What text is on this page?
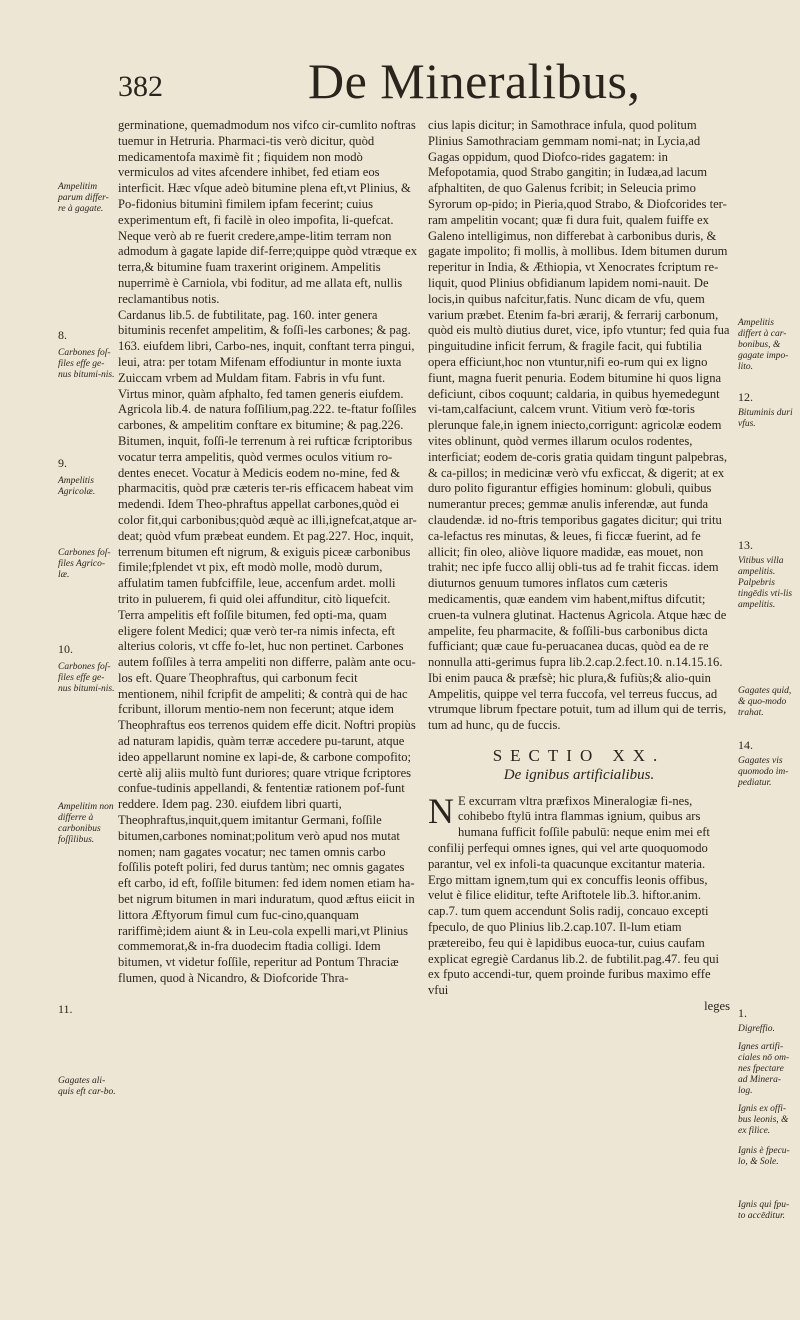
382	De Mineralibus,

germinatione, quemadmodum nos vifco cir-cumlito noftras tuemur in Hetruria. Pharmaci-tis verò dicitur, quòd medicamentofa maximè fit ; fiquidem non modò vermiculos ad vites afcendere inhibet, fed etiam eos interficit. Hæc vſque adeò bitumine plena eft,vt Plinius, & Po-fidonius bituminì fimilem ipfam fecerint; cuius experimentum eft, fi facilè in oleo impofita, li-quefcat. Neque verò ab re fuerit credere,ampe-litim terram non admodum à gagate lapide dif-ferre;quippe quòd vtræque ex terra,& bitumine fuam traxerint originem. Ampelitis nuperrimè è Carniola, vbi foditur, ad me allata eft, nullis reclamantibus notis.

Cardanus lib.5. de fubtilitate, pag. 160. inter genera bituminis recenfet ampelitim, & foſſi-les carbones; & pag. 163. eiufdem libri, Carbo-nes, inquit, conftant terra pingui, leui, atra: per totam Mifenam effodiuntur in monte iuxta Zuiccam vrbem ad Muldam fitam. Fabris in vfu funt. Virtus minor, quàm afphalto, fed tamen generis eiufdem.

Agricola lib.4. de natura foſſilium,pag.222. te-ftatur foſſiles carbones, & ampelitim conftare ex bitumine; & pag.226. Bitumen, inquit, foſſi-le terrenum à rei rufticæ fcriptoribus vocatur terra ampelitis, quòd vermes oculos vitium ro-dentes enecet. Vocatur à Medicis eodem no-mine, fed & pharmacitis, quòd præ cæteris ter-ris efficacem habeat vim medendi. Idem Theo-phraftus appellat carbones,quòd ei color fit,qui carbonibus;quòd æquè ac illi,ignefcat,atque ar-deat; quòd vfum præbeat eundem. Et pag.227. Hoc, inquit, terrenum bitumen eft nigrum, & exiguis piceæ carbonibus fimile;fplendet vt pix, eft modò molle, modò durum, affulatim tamen fubfciffile, leue, accenfum ardet. molli trito in puluerem, fi quid olei affunditur, citò liquefcit. Terra ampelitis eft foſſile bitumen, fed opti-ma, quam eligere folent Medici; quæ verò ter-ra nimis infecta, eft alterius coloris, vt cffe fo-let, huc non pertinet. Carbones autem foſſiles à terra ampeliti non differre, palàm ante ocu-los eft. Quare Theophraftus, qui carbonum fecit mentionem, nihil fcripfit de ampeliti; & contrà qui de hac fcribunt, illorum mentio-nem non fecerunt; atque idem Theophraftus eos terrenos quidem effe dicit. Noftri propiùs ad naturam lapidis, quàm terræ accedere pu-tarunt, atque ideo appellarunt nomine ex lapi-de, & carbone compofito; certè alij aliis multò funt duriores; quare vtrique fcriptores confue-tudinis appellandi, & fententiæ rationem pof-funt reddere. Idem pag. 230. eiufdem libri quarti, Theophraftus,inquit,quem imitantur Germani, foſſile bitumen,carbones nominat;politum verò apud nos mutat nomen; nam gagates vocatur; nec tamen omnis carbo foſſilis poteft poliri, fed durus tantùm; nec omnis gagates eft carbo, id eft, foſſile bitumen: fed idem nomen etiam ha-bet nigrum bitumen in mari induratum, quod æftus eiicit in littora Æftyorum fimul cum fuc-cino,quanquam rariffimè;idem aiunt & in Leu-cola expelli mari,vt Plinius commemorat,& in-fra duodecim ftadia colligi. Idem bitumen, vt videtur foſſile, reperitur ad Pontum Thraciæ flumen, quod à Nicandro, & Diofcoride Thra-

cius lapis dicitur; in Samothrace infula, quod politum Plinius Samothraciam gemmam nomi-nat; in Lycia,ad Gagas oppidum, quod Diofco-rides gagatem: in Mefopotamia, quod Strabo gangitin; in Iudæa,ad lacum afphaltiten, de quo Galenus fcribit; in Seleucia primo Syrorum op-pido; in Pieria,quod Strabo, & Diofcorides ter-ram ampelitin vocant; quæ fi dura fuit, qualem fuiffe ex Galeno intelligimus, non differebat à carbonibus duris, & gagate impolito; fi mollis, à mollibus. Idem bitumen durum reperitur in India, & Æthiopia, vt Xenocrates fcriptum re-liquit, quod Plinius obfidianum lapidem nomi-nauit. De locis,in quibus nafcitur,fatis. Nunc dicam de vfu, quem varium præbet. Etenim fa-bri ærarij, & ferrarij carbonum, quòd eis multò diutius duret, vice, ipfo vtuntur; fed quia fua pinguitudine inficit ferrum, & fragile facit, qui fubtilia opera efficiunt,hoc non vtuntur,nifi eo-rum qui ex ligno fiunt, magna fuerit penuria. Eodem bitumine hi quos ligna deficiunt, cibos coquunt; caldaria, in quibus hyemedegunt vi-tam,calfaciunt, calcem vrunt. Vitium verò fœ-toris plerunque fale,in ignem iniecto,corrigunt: agricolæ eodem vites oblinunt, quòd vermes illarum oculos rodentes, interficiat; eodem de-coris gratia quidam tingunt palpebras, & ca-pillos; in medicinæ verò vfu exficcat, & digerit; at ex duro polito figurantur effigies hominum: globuli, quibus numerantur preces; gemmæ anulis inferendæ, aut funda claudendæ. id no-ftris temporibus gagates dicitur; qui tritu ca-lefactus res minutas, & leues, fi ficcæ fuerint, ad fe allicit; fin oleo, aliòve liquore madidæ, eas mouet, non trahit; nec ipfe fucco allij obli-tus ad fe trahit ficcas. idem diuturnos genuum tumores inflatos cum cæteris medicamentis, quæ eandem vim habent,miftus difcutit; cruen-ta vulnera glutinat. Hactenus Agricola. Atque hæc de ampelite, feu pharmacite, & foſſili-bus carbonibus dicta fufficiant; quæ caue fu-peruacanea ducas, quòd ea de re nonnulla atti-gerimus fupra lib.2.cap.2.fect.10. n.14.15.16. Ibi enim pauca & præfsè; hic plura,& fufiùs;& alio-quin Ampelitis, quippe vel terra fuccofa, vel terreus fuccus, ad vtrumque librum fpectare potuit, tum ad illum qui de terris, tum ad hunc, qu de fuccis.

SECTIO XX.

De ignibus artificialibus.

N E excurram vltra præfixos Mineralogiæ fi-nes, cohibebo ftylū intra flammas ignium, quibus ars humana fufficit foſſile pabulū: neque enim mei eft confilij perfequi omnes ignes, qui vel arte quoquomodo parantur, vel ex infoli-ta quacunque excitantur materia. Ergo mittam ignem,tum qui ex concuffis leonis offibus, velut è filice eliditur, tefte Ariftotele lib.3. hiftor.anim. cap.7. tum quem accendunt Solis radij, concauo excepti fpeculo, de quo Plinius lib.2.cap.107. Il-lum etiam prætereibo, feu qui è lapidibus euoca-tur, cuius caufam explicat egregiè Cardanus lib.2. de fubtilit.pag.47. feu qui ex fputo accendi-tur, quem proinde furibus maximo effe vfui

leges

Ampelitim parum differ-re à gagate.
8.
Carbones foſ-files effe ge-nus bitumi-nis.
9.
Ampelitis Agricolæ.
Carbones foſ-files Agrico-læ.
10.
Carbones foſ-files effe ge-nus bitumi-nis.
Ampelitim non differre à carbonibus foſſilibus.
11.
Gagates ali-quis eft car-bo.
Ampelitis differt à car-bonibus, & gagate impo-lito.
12.
Bituminis duri vfus.
13.
Vitibus villa ampelitis. Palpebris tingēdis vti-lis ampelitis.
Gagates quid, & quo-modo trahat.
14.
Gagates vis quomodo im-pediatur.
1.
Digreffio.
Ignes artifi-ciales nō om-nes fpectare ad Minera-log.
Ignis ex offi-bus leonis, & ex filice.
Ignis è fpecu-lo, & Sole.
Ignis qui fpu-to accēditur.
